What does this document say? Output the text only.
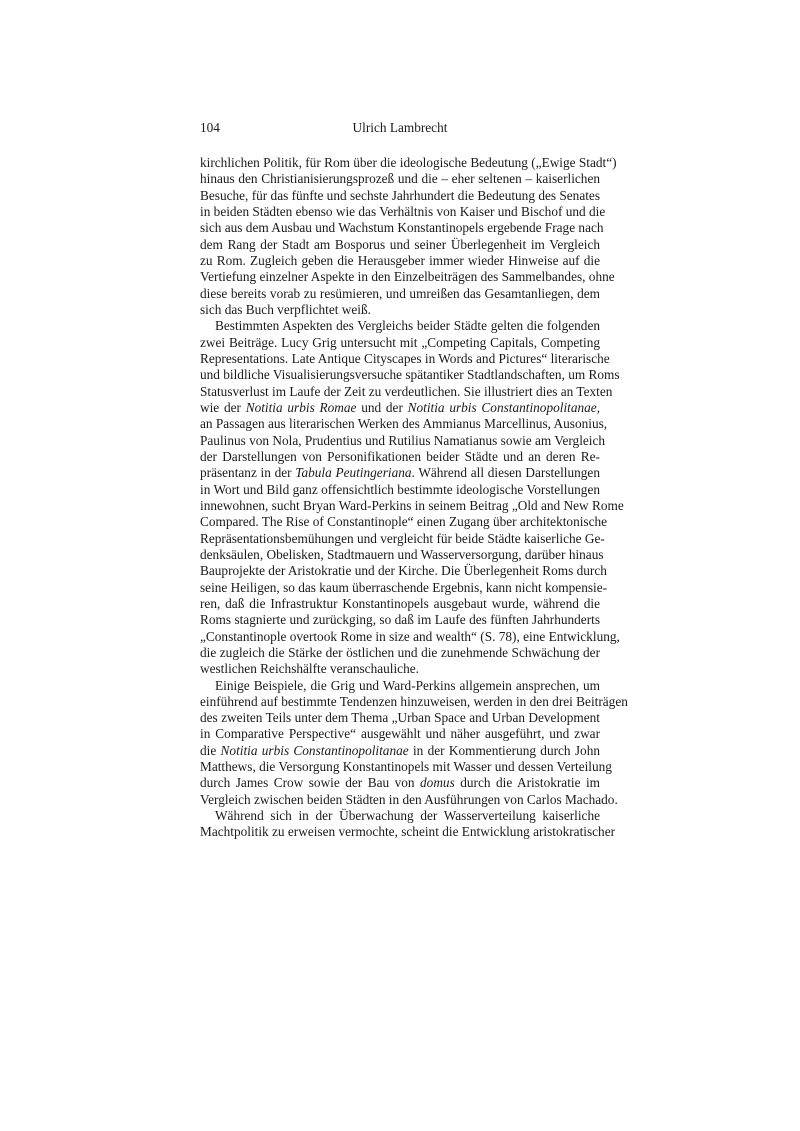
104	Ulrich Lambrecht
kirchlichen Politik, für Rom über die ideologische Bedeutung („Ewige Stadt“)
hinaus den Christianisierungsprozeß und die – eher seltenen – kaiserlichen
Besuche, für das fünfte und sechste Jahrhundert die Bedeutung des Senates
in beiden Städten ebenso wie das Verhältnis von Kaiser und Bischof und die
sich aus dem Ausbau und Wachstum Konstantinopels ergebende Frage nach
dem Rang der Stadt am Bosporus und seiner Überlegenheit im Vergleich
zu Rom. Zugleich geben die Herausgeber immer wieder Hinweise auf die
Vertiefung einzelner Aspekte in den Einzelbeiträgen des Sammelbandes, ohne
diese bereits vorab zu resümieren, und umreißen das Gesamtanliegen, dem
sich das Buch verpflichtet weiß.
Bestimmten Aspekten des Vergleichs beider Städte gelten die folgenden
zwei Beiträge. Lucy Grig untersucht mit „Competing Capitals, Competing
Representations. Late Antique Cityscapes in Words and Pictures“ literarische
und bildliche Visualisierungsversuche spätantiker Stadtlandschaften, um Roms
Statusverlust im Laufe der Zeit zu verdeutlichen. Sie illustriert dies an Texten
wie der Notitia urbis Romae und der Notitia urbis Constantinopolitanae,
an Passagen aus literarischen Werken des Ammianus Marcellinus, Ausonius,
Paulinus von Nola, Prudentius und Rutilius Namatianus sowie am Vergleich
der Darstellungen von Personifikationen beider Städte und an deren Re-
präsentanz in der Tabula Peutingeriana. Während all diesen Darstellungen
in Wort und Bild ganz offensichtlich bestimmte ideologische Vorstellungen
innewohnen, sucht Bryan Ward-Perkins in seinem Beitrag „Old and New Rome
Compared. The Rise of Constantinople“ einen Zugang über architektonische
Repräsentationsbemühungen und vergleicht für beide Städte kaiserliche Ge-
denksäulen, Obelisken, Stadtmauern und Wasserversorgung, darüber hinaus
Bauprojekte der Aristokratie und der Kirche. Die Überlegenheit Roms durch
seine Heiligen, so das kaum überraschende Ergebnis, kann nicht kompensie-
ren, daß die Infrastruktur Konstantinopels ausgebaut wurde, während die
Roms stagnierte und zurückging, so daß im Laufe des fünften Jahrhunderts
„Constantinople overtook Rome in size and wealth“ (S. 78), eine Entwicklung,
die zugleich die Stärke der östlichen und die zunehmende Schwächung der
westlichen Reichshälfte veranschauliche.
Einige Beispiele, die Grig und Ward-Perkins allgemein ansprechen, um
einführend auf bestimmte Tendenzen hinzuweisen, werden in den drei Beiträgen
des zweiten Teils unter dem Thema „Urban Space and Urban Development
in Comparative Perspective“ ausgewählt und näher ausgeführt, und zwar
die Notitia urbis Constantinopolitanae in der Kommentierung durch John
Matthews, die Versorgung Konstantinopels mit Wasser und dessen Verteilung
durch James Crow sowie der Bau von domus durch die Aristokratie im
Vergleich zwischen beiden Städten in den Ausführungen von Carlos Machado.
Während sich in der Überwachung der Wasserverteilung kaiserliche
Machtpolitik zu erweisen vermochte, scheint die Entwicklung aristokratischer
